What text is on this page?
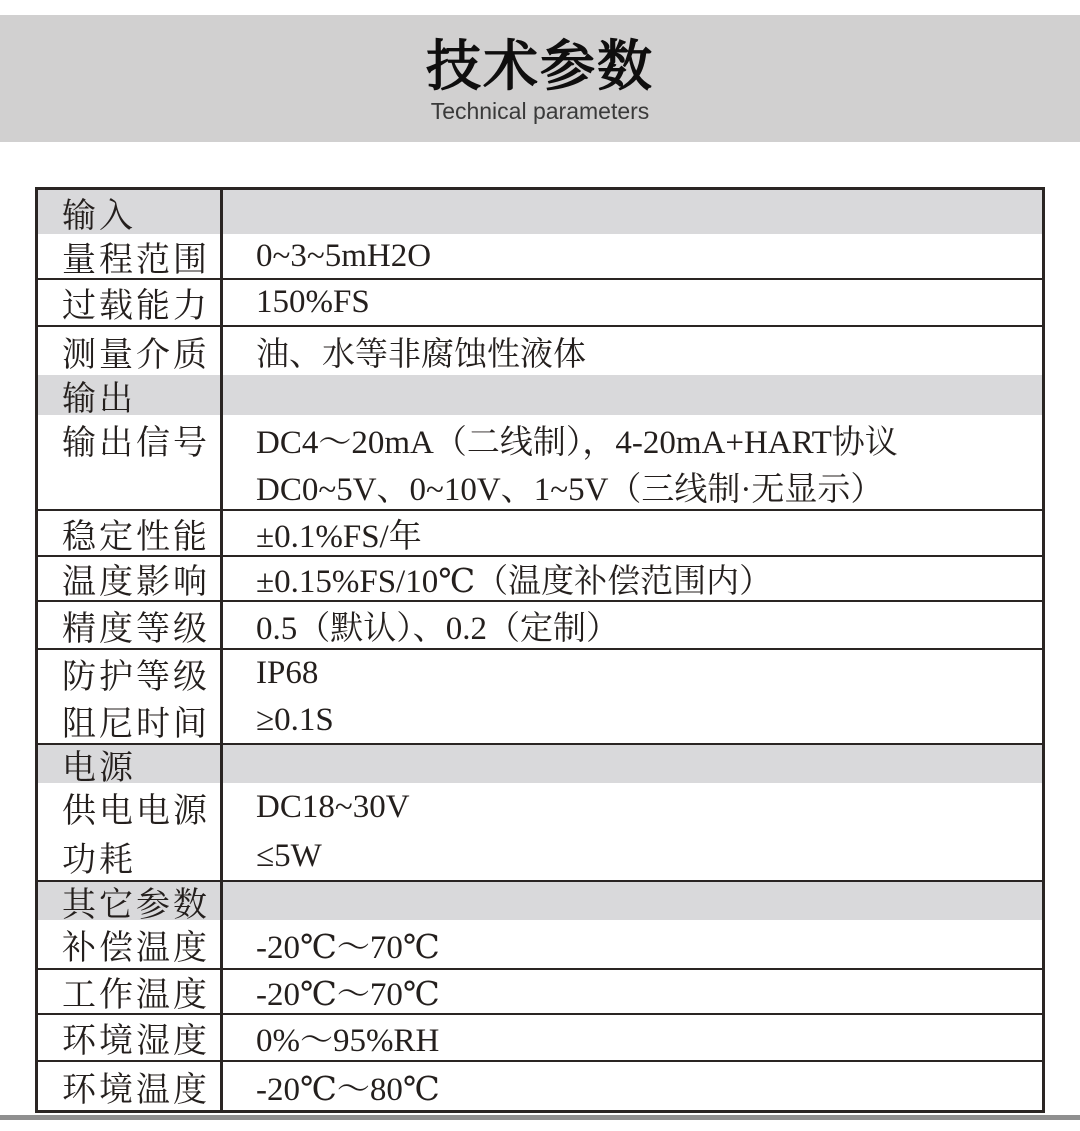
技术参数
Technical parameters
输入
量程范围	0~3~5mH2O
过载能力	150%FS
测量介质	油、水等非腐蚀性液体
输出
输出信号	DC4～20mA（二线制），4-20mA+HART协议
DC0~5V、0~10V、1~5V（三线制·无显示）
稳定性能	±0.1%FS/年
温度影响	±0.15%FS/10℃（温度补偿范围内）
精度等级	0.5（默认）、0.2（定制）
防护等级	IP68
阻尼时间	≥0.1S
电源
供电电源	DC18~30V
功耗	≤5W
其它参数
补偿温度	-20℃～70℃
工作温度	-20℃～70℃
环境湿度	0%～95%RH
环境温度	-20℃～80℃
